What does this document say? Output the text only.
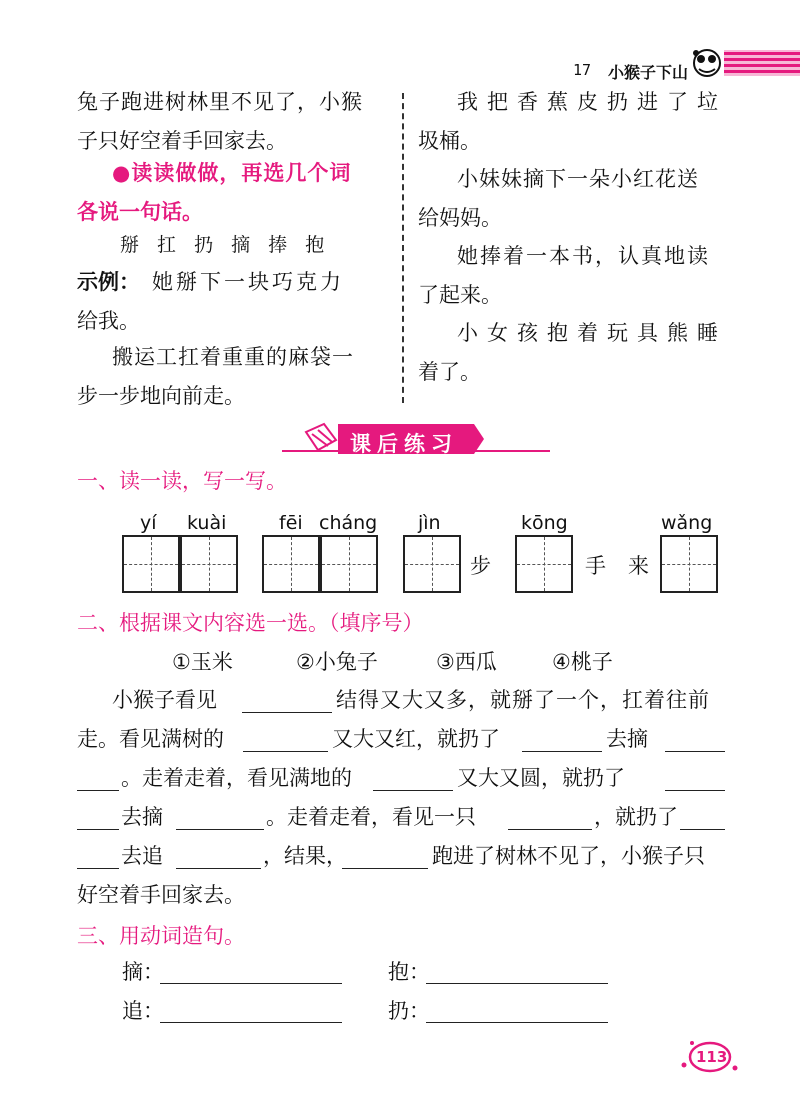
17 小猴子下山
兔子跑进树林里不见了，小猴
子只好空着手回家去。
●读读做做，再选几个词
各说一句话。
掰 扛 扔 摘 捧 抱
示例： 她掰下一块巧克力
给我。
搬运工扛着重重的麻袋一
步一步地向前走。
我把香蕉皮扔进了垃
圾桶。
小妹妹摘下一朵小红花送
给妈妈。
她捧着一本书，认真地读
了起来。
小女孩抱着玩具熊睡
着了。
课后练习
一、读一读，写一写。
yí kuài	fēi cháng jìn	kōng	wǎng
步	手 来
二、根据课文内容选一选。（填序号）
①玉米	②小兔子	③西瓜	④桃子
小猴子看见	结得又大又多，就掰了一个，扛着往前
走。看见满树的	又大又红，就扔了	去摘
。走着走着，看见满地的	又大又圆，就扔了
去摘	。走着走着，看见一只	，就扔了
去追	，结果，	跑进了树林不见了，小猴子只
好空着手回家去。
三、用动词造句。
摘：	抱：
追：	扔：
113
